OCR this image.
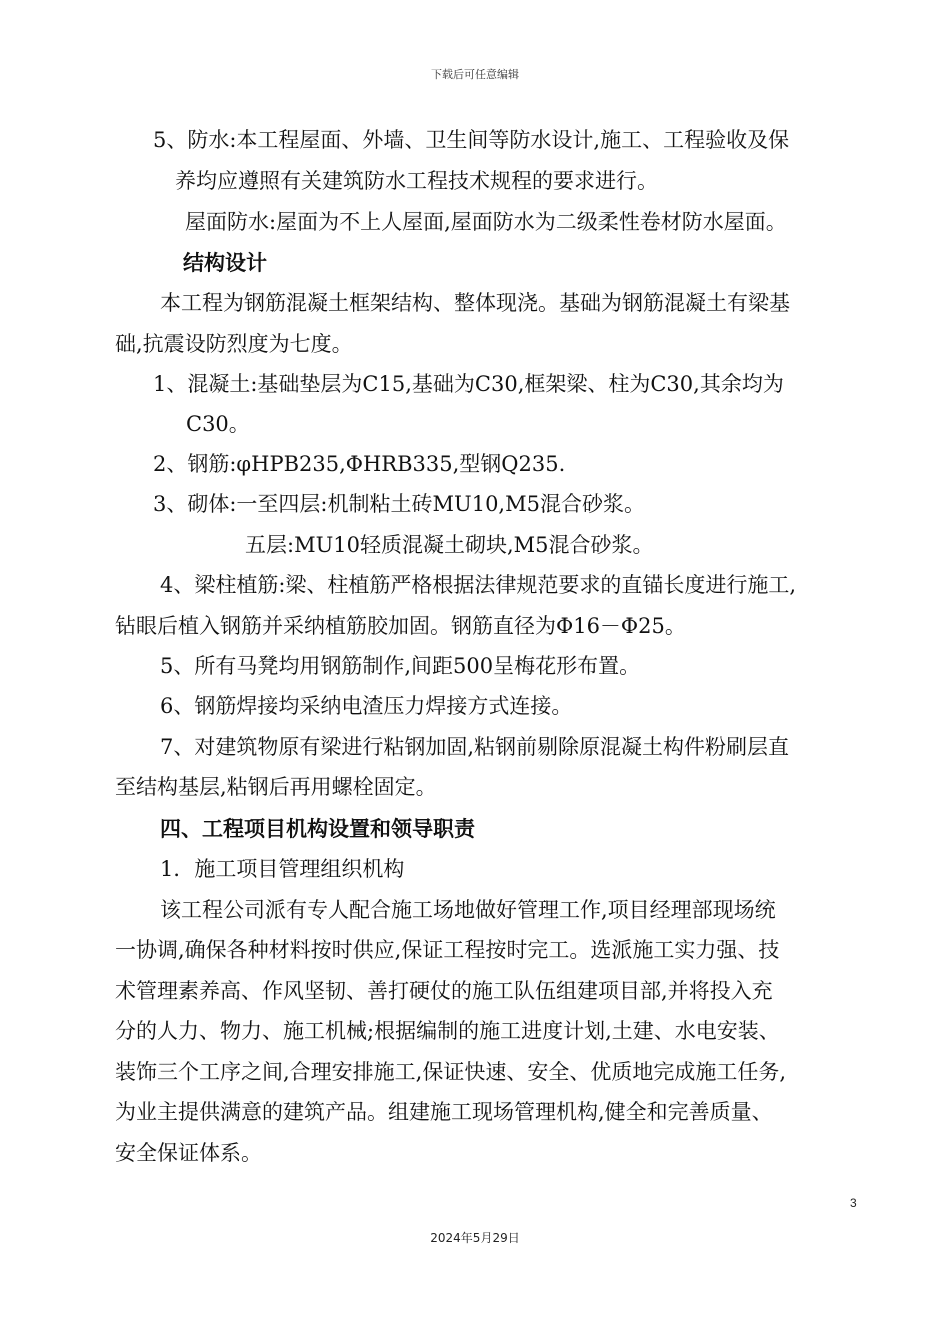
下载后可任意编辑
5、防水:本工程屋面、外墙、卫生间等防水设计,施工、工程验收及保
养均应遵照有关建筑防水工程技术规程的要求进行。
屋面防水:屋面为不上人屋面,屋面防水为二级柔性卷材防水屋面。
结构设计
本工程为钢筋混凝土框架结构、整体现浇。基础为钢筋混凝土有梁基
础,抗震设防烈度为七度。
1、混凝土:基础垫层为C15,基础为C30,框架梁、柱为C30,其余均为
C30。
2、钢筋:φHPB235,ΦHRB335,型钢Q235.
3、砌体:一至四层:机制粘土砖MU10,M5混合砂浆。
五层:MU10轻质混凝土砌块,M5混合砂浆。
4、梁柱植筋:梁、柱植筋严格根据法律规范要求的直锚长度进行施工,
钻眼后植入钢筋并采纳植筋胶加固。钢筋直径为Φ16－Φ25。
5、所有马凳均用钢筋制作,间距500呈梅花形布置。
6、钢筋焊接均采纳电渣压力焊接方式连接。
7、对建筑物原有梁进行粘钢加固,粘钢前剔除原混凝土构件粉刷层直
至结构基层,粘钢后再用螺栓固定。
四、工程项目机构设置和领导职责
1．施工项目管理组织机构
该工程公司派有专人配合施工场地做好管理工作,项目经理部现场统
一协调,确保各种材料按时供应,保证工程按时完工。选派施工实力强、技
术管理素养高、作风坚韧、善打硬仗的施工队伍组建项目部,并将投入充
分的人力、物力、施工机械;根据编制的施工进度计划,土建、水电安装、
装饰三个工序之间,合理安排施工,保证快速、安全、优质地完成施工任务,
为业主提供满意的建筑产品。组建施工现场管理机构,健全和完善质量、
安全保证体系。
3
2024年5月29日
